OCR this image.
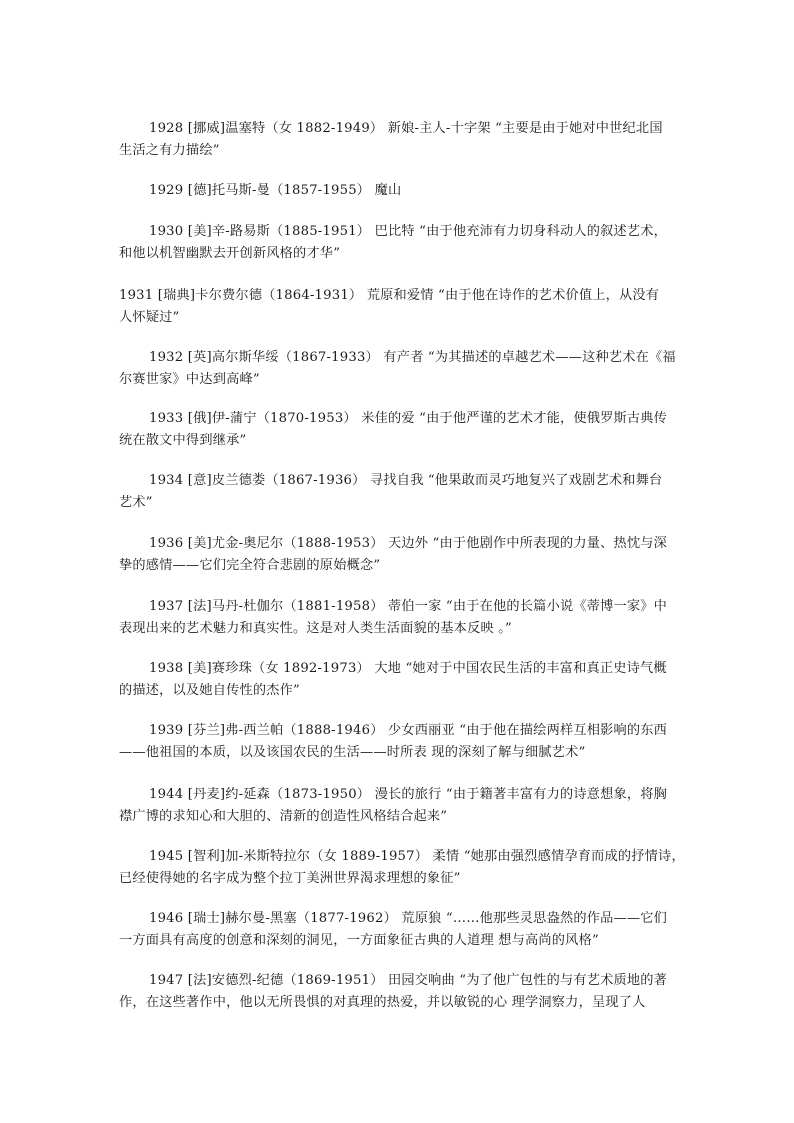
1928 [挪威]温塞特（女 1882-1949） 新娘-主人-十字架 “主要是由于她对中世纪北国
生活之有力描绘”

1929 [德]托马斯-曼（1857-1955） 魔山

1930 [美]辛-路易斯（1885-1951） 巴比特 “由于他充沛有力切身科动人的叙述艺术，
和他以机智幽默去开创新风格的才华”

1931 [瑞典]卡尔费尔德（1864-1931） 荒原和爱情 “由于他在诗作的艺术价值上，从没有
人怀疑过”

1932 [英]高尔斯华绥（1867-1933） 有产者 “为其描述的卓越艺术——这种艺术在《福
尔赛世家》中达到高峰”

1933 [俄]伊-蒲宁（1870-1953） 米佳的爱 “由于他严谨的艺术才能，使俄罗斯古典传
统在散文中得到继承”

1934 [意]皮兰德娄（1867-1936） 寻找自我 “他果敢而灵巧地复兴了戏剧艺术和舞台
艺术”

1936 [美]尤金-奥尼尔（1888-1953） 天边外 “由于他剧作中所表现的力量、热忱与深
挚的感情——它们完全符合悲剧的原始概念”

1937 [法]马丹-杜伽尔（1881-1958） 蒂伯一家 “由于在他的长篇小说《蒂博一家》中
表现出来的艺术魅力和真实性。这是对人类生活面貌的基本反映 。”

1938 [美]赛珍珠（女 1892-1973） 大地 “她对于中国农民生活的丰富和真正史诗气概
的描述，以及她自传性的杰作”

1939 [芬兰]弗-西兰帕（1888-1946） 少女西丽亚 “由于他在描绘两样互相影响的东西
——他祖国的本质，以及该国农民的生活——时所表 现的深刻了解与细腻艺术”

1944 [丹麦]约-延森（1873-1950） 漫长的旅行 “由于籍著丰富有力的诗意想象，将胸
襟广博的求知心和大胆的、清新的创造性风格结合起来”

1945 [智利]加-米斯特拉尔（女 1889-1957） 柔情 “她那由强烈感情孕育而成的抒情诗，
已经使得她的名字成为整个拉丁美洲世界渴求理想的象征”

1946 [瑞士]赫尔曼-黑塞（1877-1962） 荒原狼 “……他那些灵思盎然的作品——它们
一方面具有高度的创意和深刻的洞见，一方面象征古典的人道理 想与高尚的风格”

1947 [法]安德烈-纪德（1869-1951） 田园交响曲 “为了他广包性的与有艺术质地的著
作，在这些著作中，他以无所畏惧的对真理的热爱，并以敏锐的心 理学洞察力，呈现了人
